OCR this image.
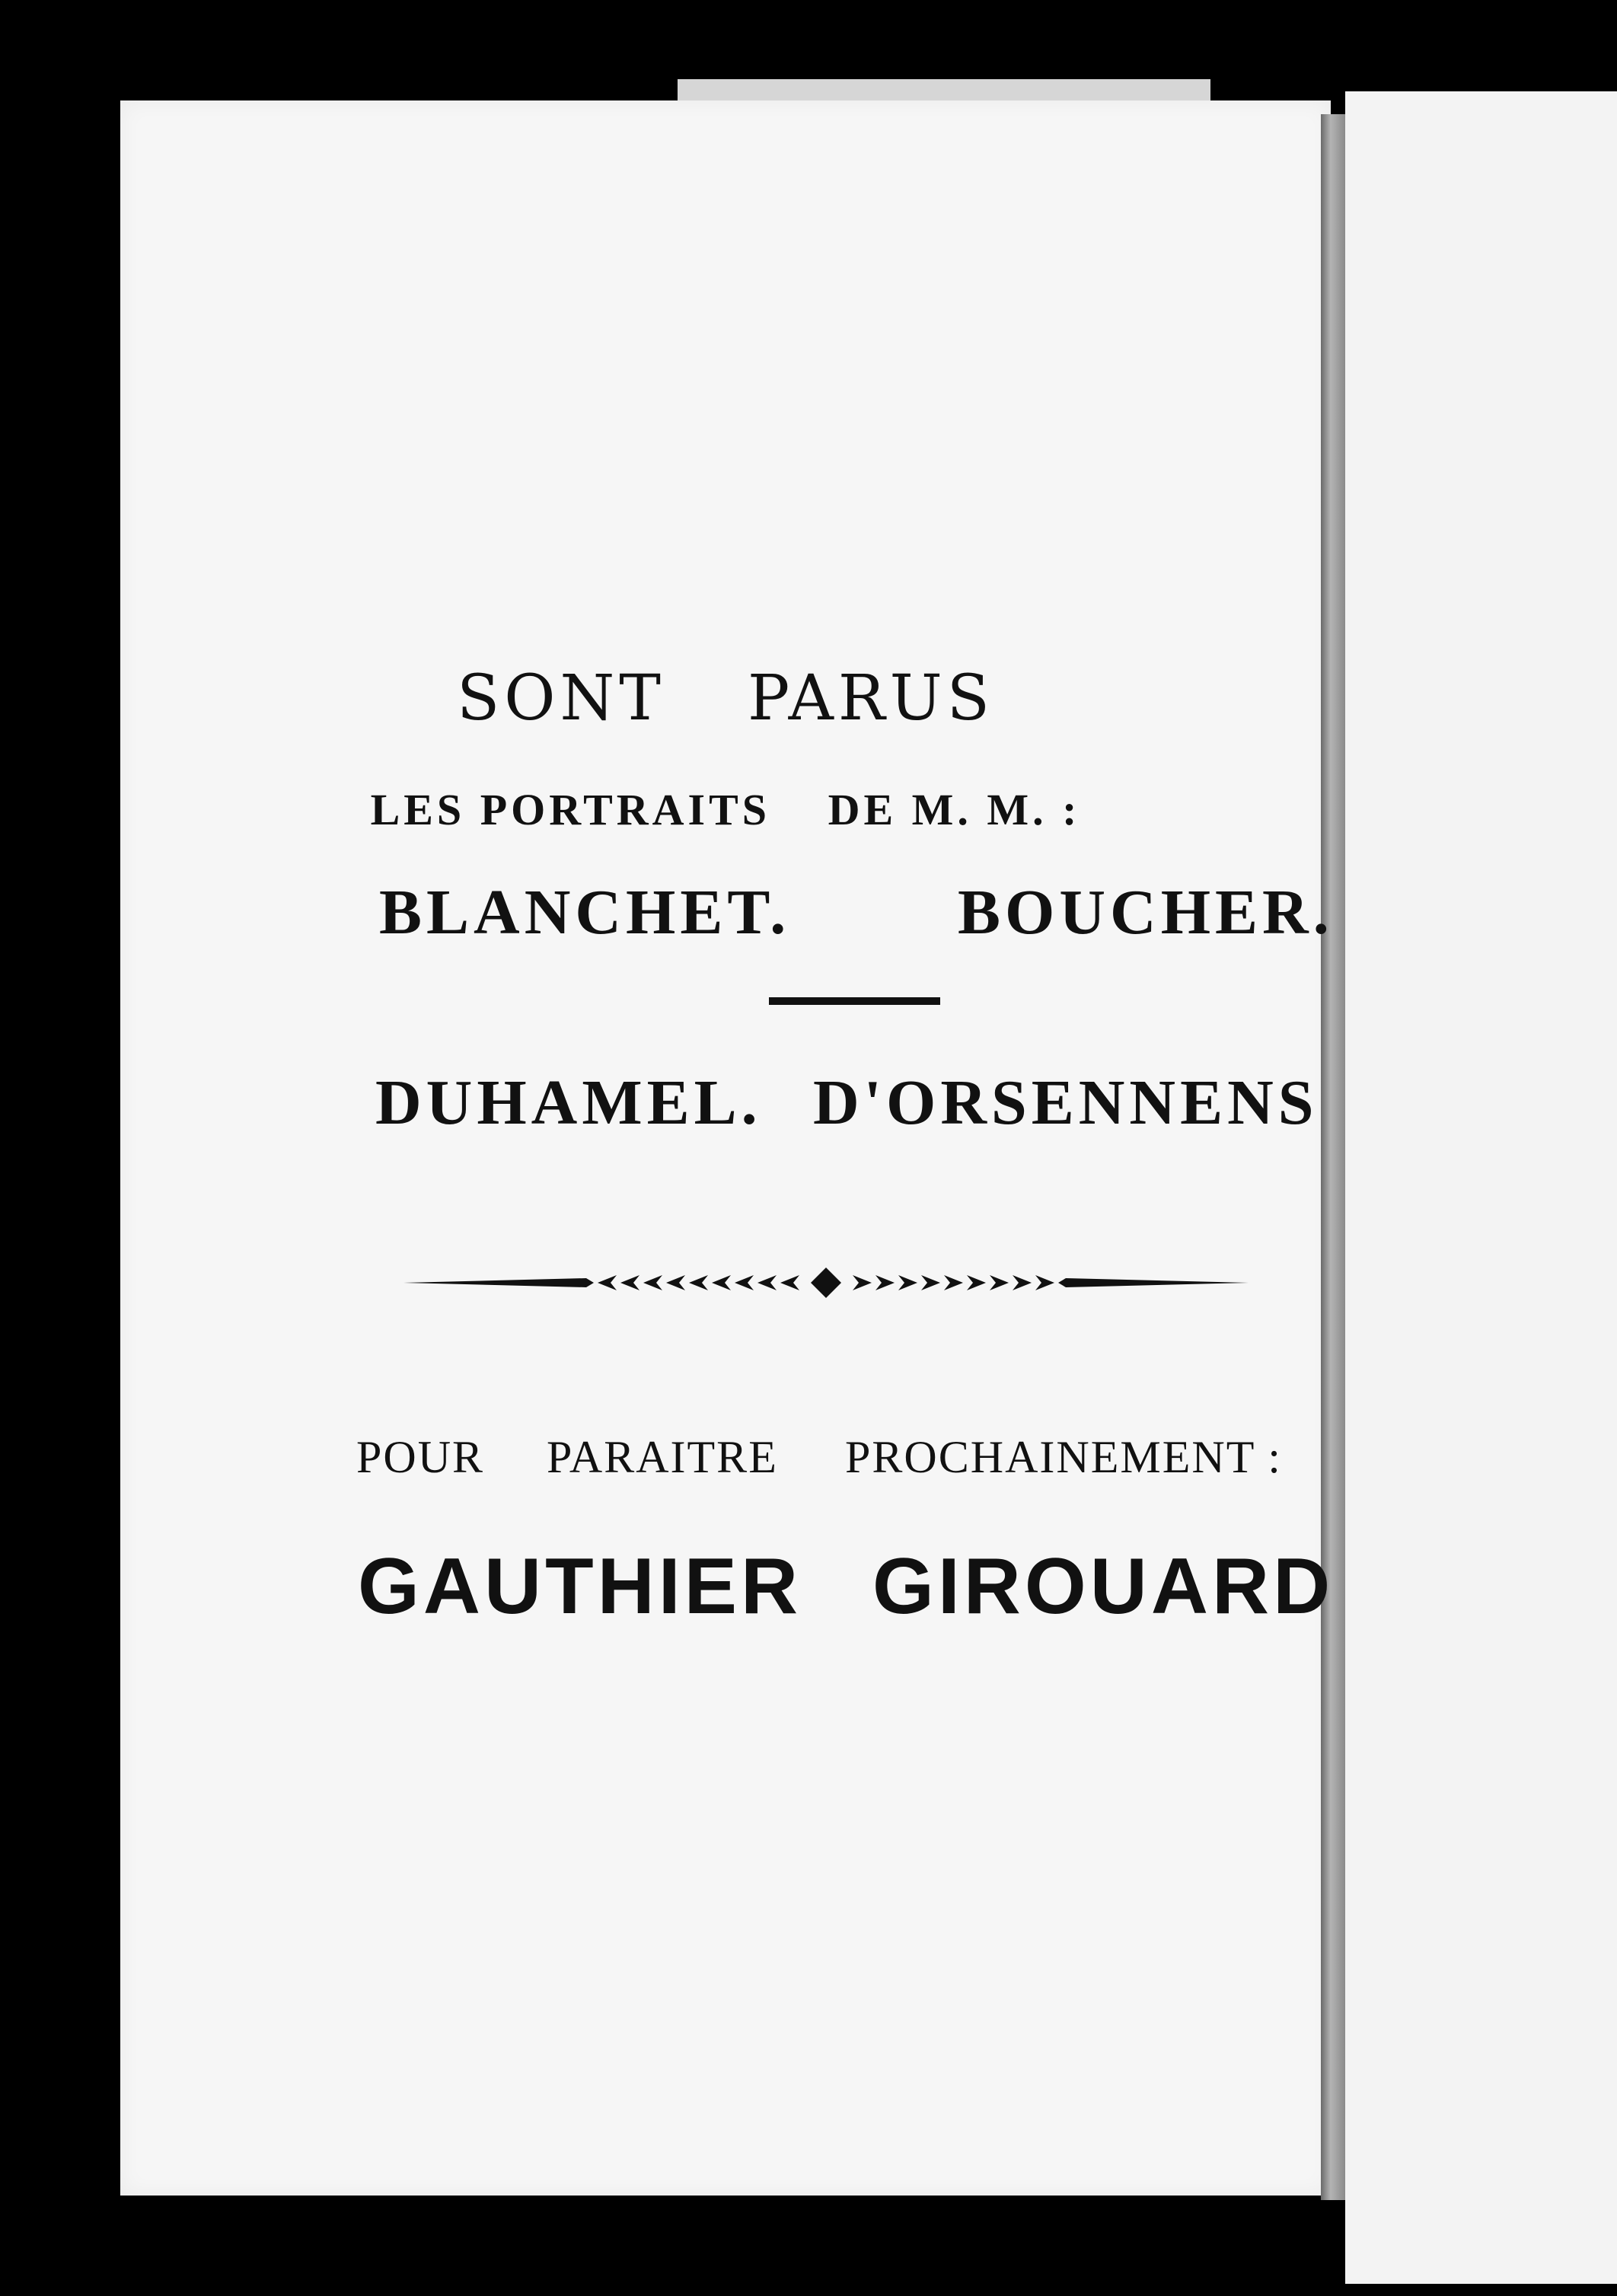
SONT PARUS
LES PORTRAITS DE M. M. :
BLANCHET.	BOUCHER.
DUHAMEL. D'ORSENNENS
POUR PARAITRE PROCHAINEMENT :
GAUTHIER GIROUARD
